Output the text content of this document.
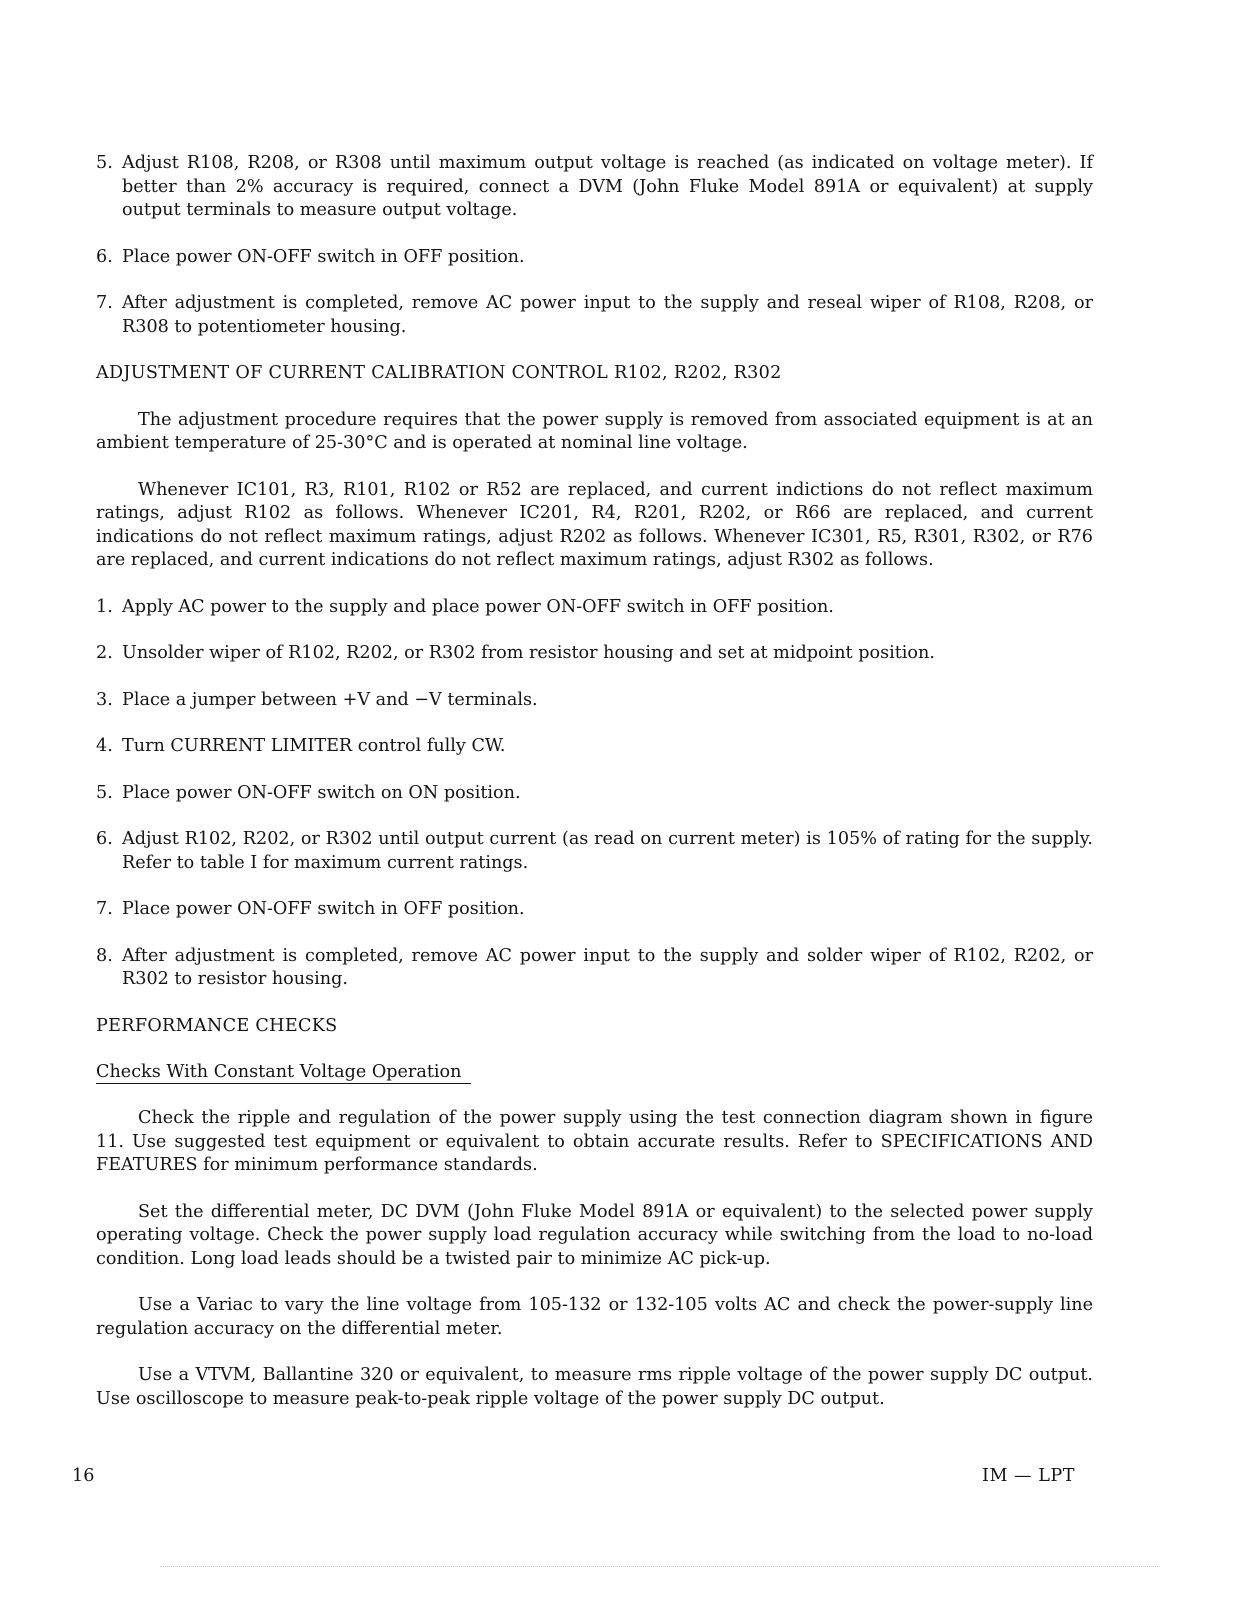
5. Adjust R108, R208, or R308 until maximum output voltage is reached (as indicated on voltage meter). If better than 2% accuracy is required, connect a DVM (John Fluke Model 891A or equivalent) at supply output terminals to measure output voltage.
6. Place power ON-OFF switch in OFF position.
7. After adjustment is completed, remove AC power input to the supply and reseal wiper of R108, R208, or R308 to potentiometer housing.
ADJUSTMENT OF CURRENT CALIBRATION CONTROL R102, R202, R302

The adjustment procedure requires that the power supply is removed from associated equipment is at an ambient temperature of 25-30°C and is operated at nominal line voltage.

Whenever IC101, R3, R101, R102 or R52 are replaced, and current indictions do not reflect maximum ratings, adjust R102 as follows. Whenever IC201, R4, R201, R202, or R66 are replaced, and current indications do not reflect maximum ratings, adjust R202 as follows. Whenever IC301, R5, R301, R302, or R76 are replaced, and current indications do not reflect maximum ratings, adjust R302 as follows.

1. Apply AC power to the supply and place power ON-OFF switch in OFF position.
2. Unsolder wiper of R102, R202, or R302 from resistor housing and set at midpoint position.
3. Place a jumper between +V and −V terminals.
4. Turn CURRENT LIMITER control fully CW.
5. Place power ON-OFF switch on ON position.
6. Adjust R102, R202, or R302 until output current (as read on current meter) is 105% of rating for the supply. Refer to table I for maximum current ratings.
7. Place power ON-OFF switch in OFF position.
8. After adjustment is completed, remove AC power input to the supply and solder wiper of R102, R202, or R302 to resistor housing.
PERFORMANCE CHECKS
Checks With Constant Voltage Operation

Check the ripple and regulation of the power supply using the test connection diagram shown in figure 11. Use suggested test equipment or equivalent to obtain accurate results. Refer to SPECIFICATIONS AND FEATURES for minimum performance standards.

Set the differential meter, DC DVM (John Fluke Model 891A or equivalent) to the selected power supply operating voltage. Check the power supply load regulation accuracy while switching from the load to no-load condition. Long load leads should be a twisted pair to minimize AC pick-up.

Use a Variac to vary the line voltage from 105-132 or 132-105 volts AC and check the power-supply line regulation accuracy on the differential meter.

Use a VTVM, Ballantine 320 or equivalent, to measure rms ripple voltage of the power supply DC output. Use oscilloscope to measure peak-to-peak ripple voltage of the power supply DC output.

16	IM — LPT
